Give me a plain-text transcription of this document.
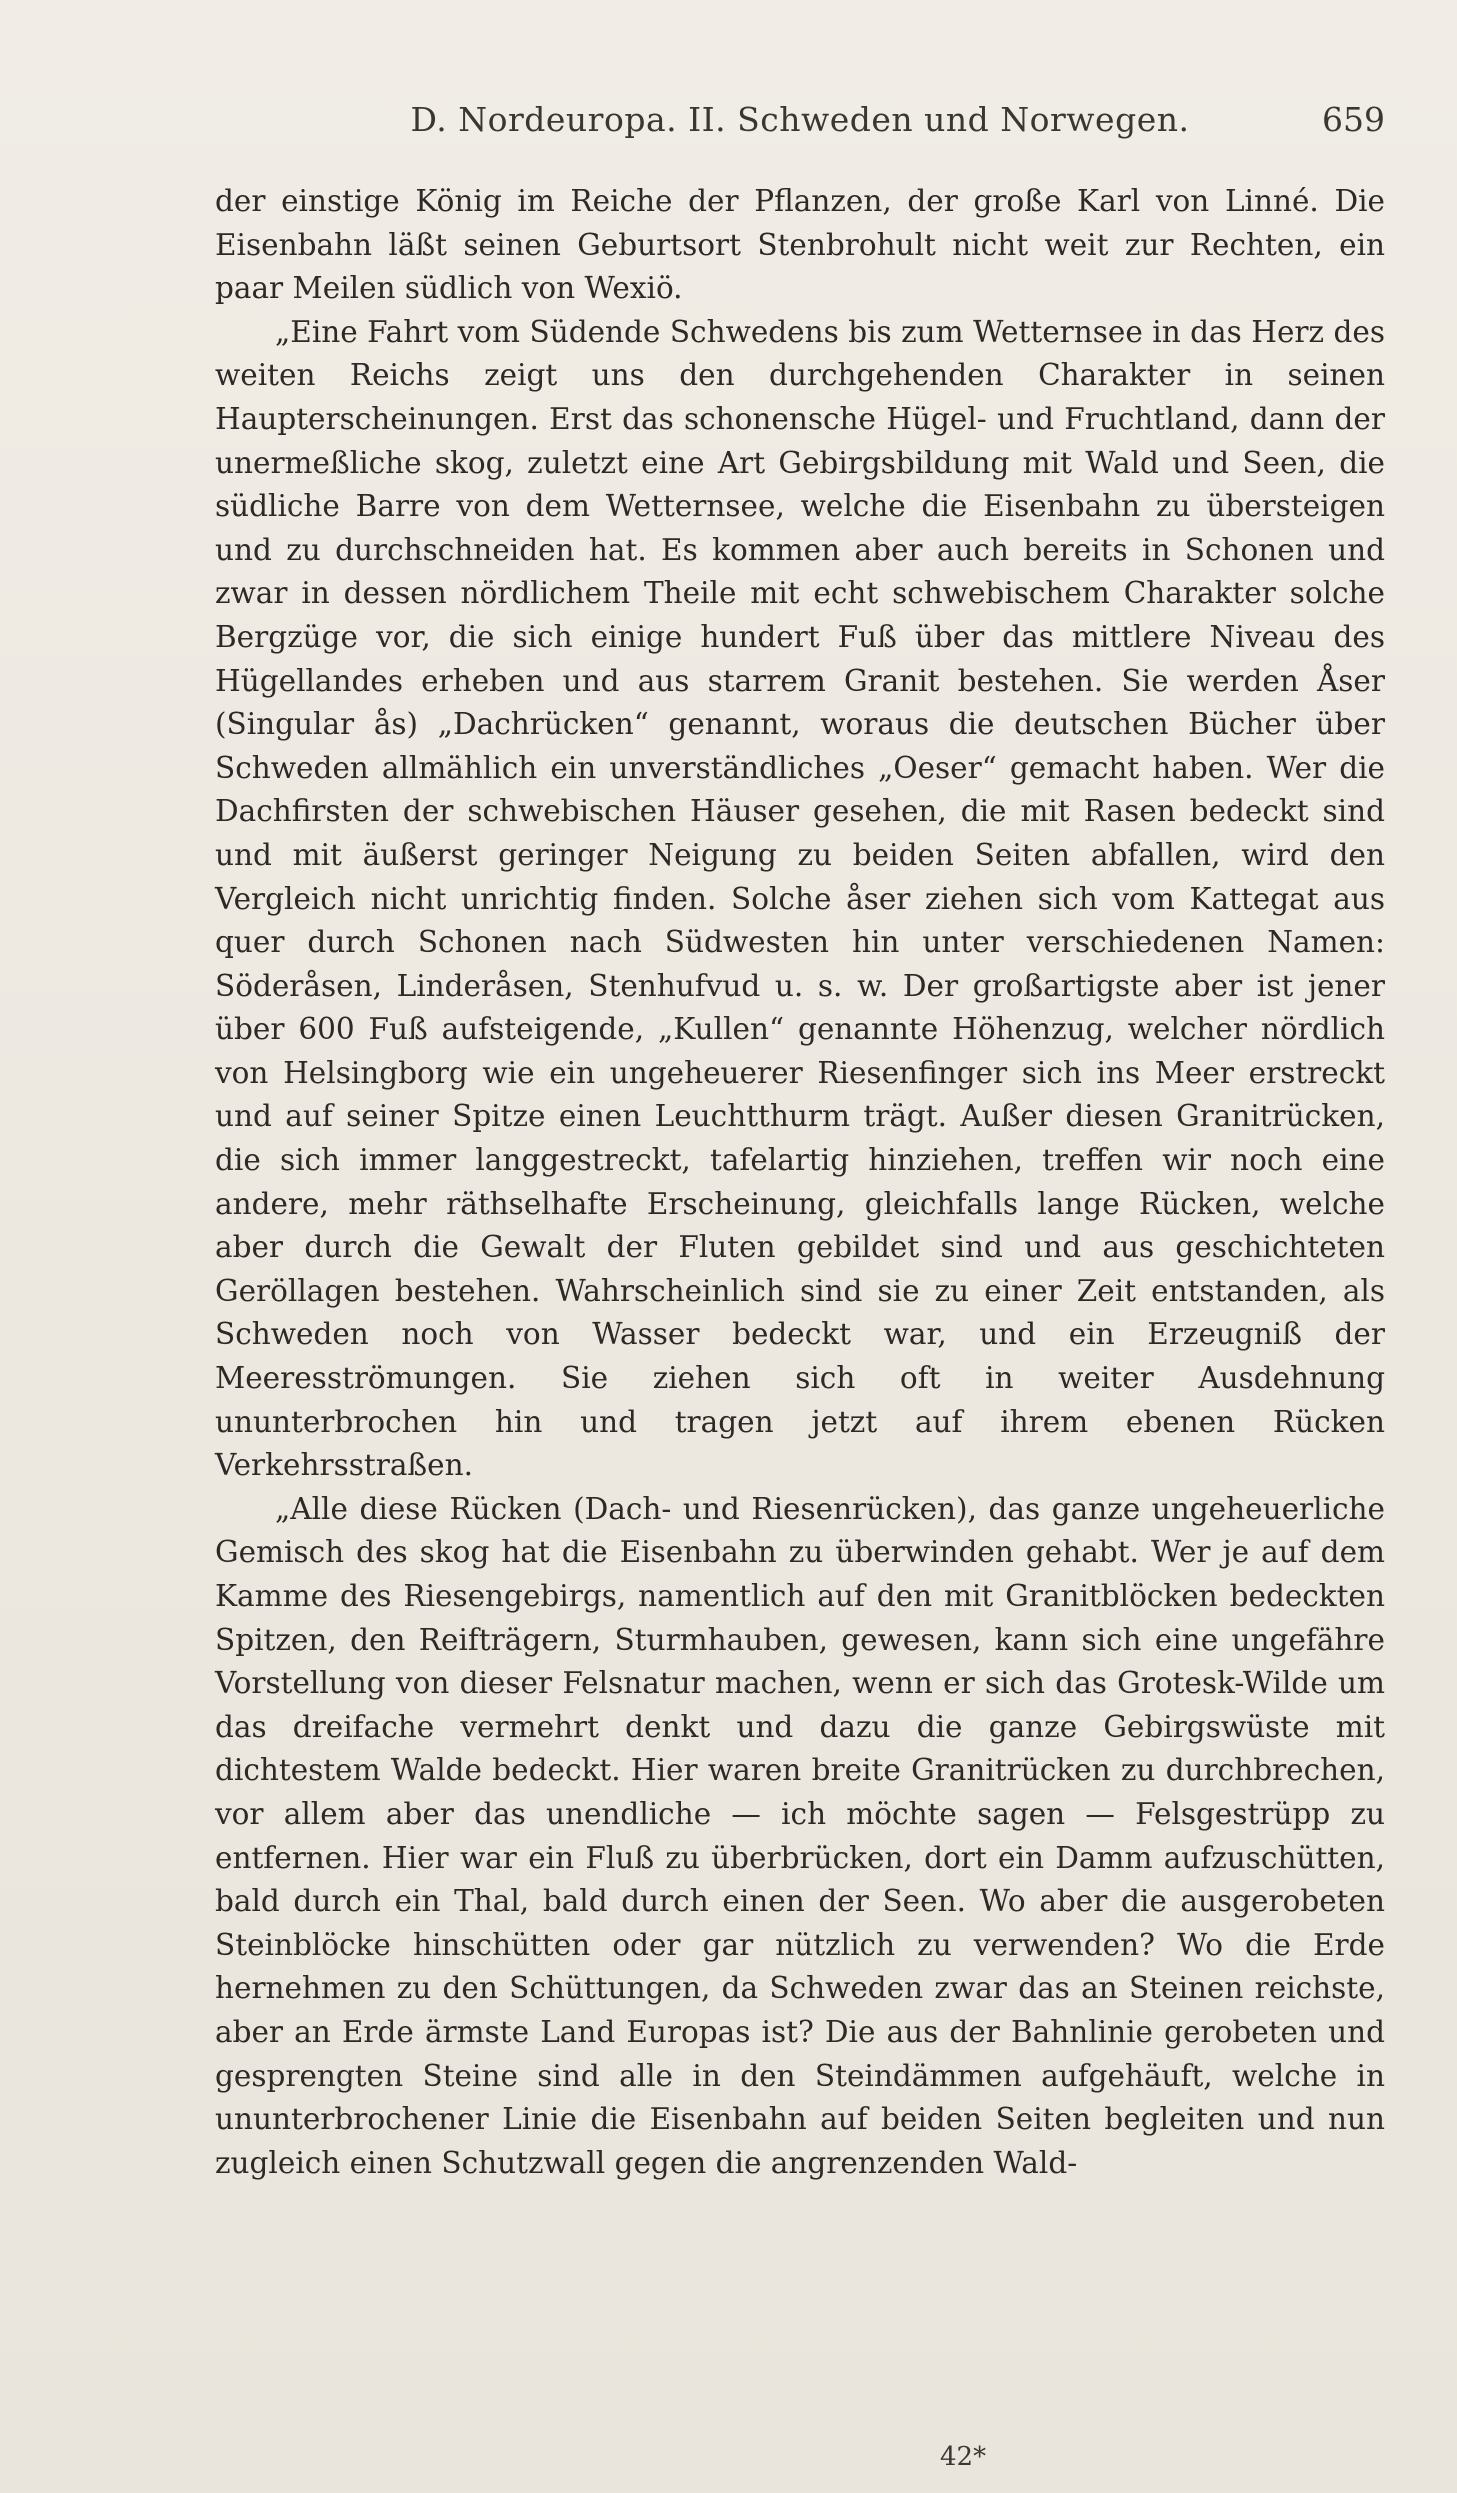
D. Nordeuropa. II. Schweden und Norwegen.	659

der einstige König im Reiche der Pflanzen, der große Karl von Linné. Die Eisenbahn läßt seinen Geburtsort Stenbrohult nicht weit zur Rechten, ein paar Meilen südlich von Wexiö.

„Eine Fahrt vom Südende Schwedens bis zum Wetternsee in das Herz des weiten Reichs zeigt uns den durchgehenden Charakter in seinen Haupterscheinungen. Erst das schonensche Hügel- und Fruchtland, dann der unermeßliche skog, zuletzt eine Art Gebirgsbildung mit Wald und Seen, die südliche Barre von dem Wetternsee, welche die Eisenbahn zu übersteigen und zu durchschneiden hat. Es kommen aber auch bereits in Schonen und zwar in dessen nördlichem Theile mit echt schwebischem Charakter solche Bergzüge vor, die sich einige hundert Fuß über das mittlere Niveau des Hügellandes erheben und aus starrem Granit bestehen. Sie werden Åser (Singular ås) „Dachrücken“ genannt, woraus die deutschen Bücher über Schweden allmählich ein unverständliches „Oeser“ gemacht haben. Wer die Dachfirsten der schwebischen Häuser gesehen, die mit Rasen bedeckt sind und mit äußerst geringer Neigung zu beiden Seiten abfallen, wird den Vergleich nicht unrichtig finden. Solche åser ziehen sich vom Kattegat aus quer durch Schonen nach Südwesten hin unter verschiedenen Namen: Söderåsen, Linderåsen, Stenhufvud u. s. w. Der großartigste aber ist jener über 600 Fuß aufsteigende, „Kullen“ genannte Höhenzug, welcher nördlich von Helsingborg wie ein ungeheuerer Riesenfinger sich ins Meer erstreckt und auf seiner Spitze einen Leuchtthurm trägt. Außer diesen Granitrücken, die sich immer langgestreckt, tafelartig hinziehen, treffen wir noch eine andere, mehr räthselhafte Erscheinung, gleichfalls lange Rücken, welche aber durch die Gewalt der Fluten gebildet sind und aus geschichteten Geröllagen bestehen. Wahrscheinlich sind sie zu einer Zeit entstanden, als Schweden noch von Wasser bedeckt war, und ein Erzeugniß der Meeresströmungen. Sie ziehen sich oft in weiter Ausdehnung ununterbrochen hin und tragen jetzt auf ihrem ebenen Rücken Verkehrsstraßen.

„Alle diese Rücken (Dach- und Riesenrücken), das ganze ungeheuerliche Gemisch des skog hat die Eisenbahn zu überwinden gehabt. Wer je auf dem Kamme des Riesengebirgs, namentlich auf den mit Granitblöcken bedeckten Spitzen, den Reifträgern, Sturmhauben, gewesen, kann sich eine ungefähre Vorstellung von dieser Felsnatur machen, wenn er sich das Grotesk-Wilde um das dreifache vermehrt denkt und dazu die ganze Gebirgswüste mit dichtestem Walde bedeckt. Hier waren breite Granitrücken zu durchbrechen, vor allem aber das unendliche — ich möchte sagen — Felsgestrüpp zu entfernen. Hier war ein Fluß zu überbrücken, dort ein Damm aufzuschütten, bald durch ein Thal, bald durch einen der Seen. Wo aber die ausgerobeten Steinblöcke hinschütten oder gar nützlich zu verwenden? Wo die Erde hernehmen zu den Schüttungen, da Schweden zwar das an Steinen reichste, aber an Erde ärmste Land Europas ist? Die aus der Bahnlinie gerobeten und gesprengten Steine sind alle in den Steindämmen aufgehäuft, welche in ununterbrochener Linie die Eisenbahn auf beiden Seiten begleiten und nun zugleich einen Schutzwall gegen die angrenzenden Wald-

42*
